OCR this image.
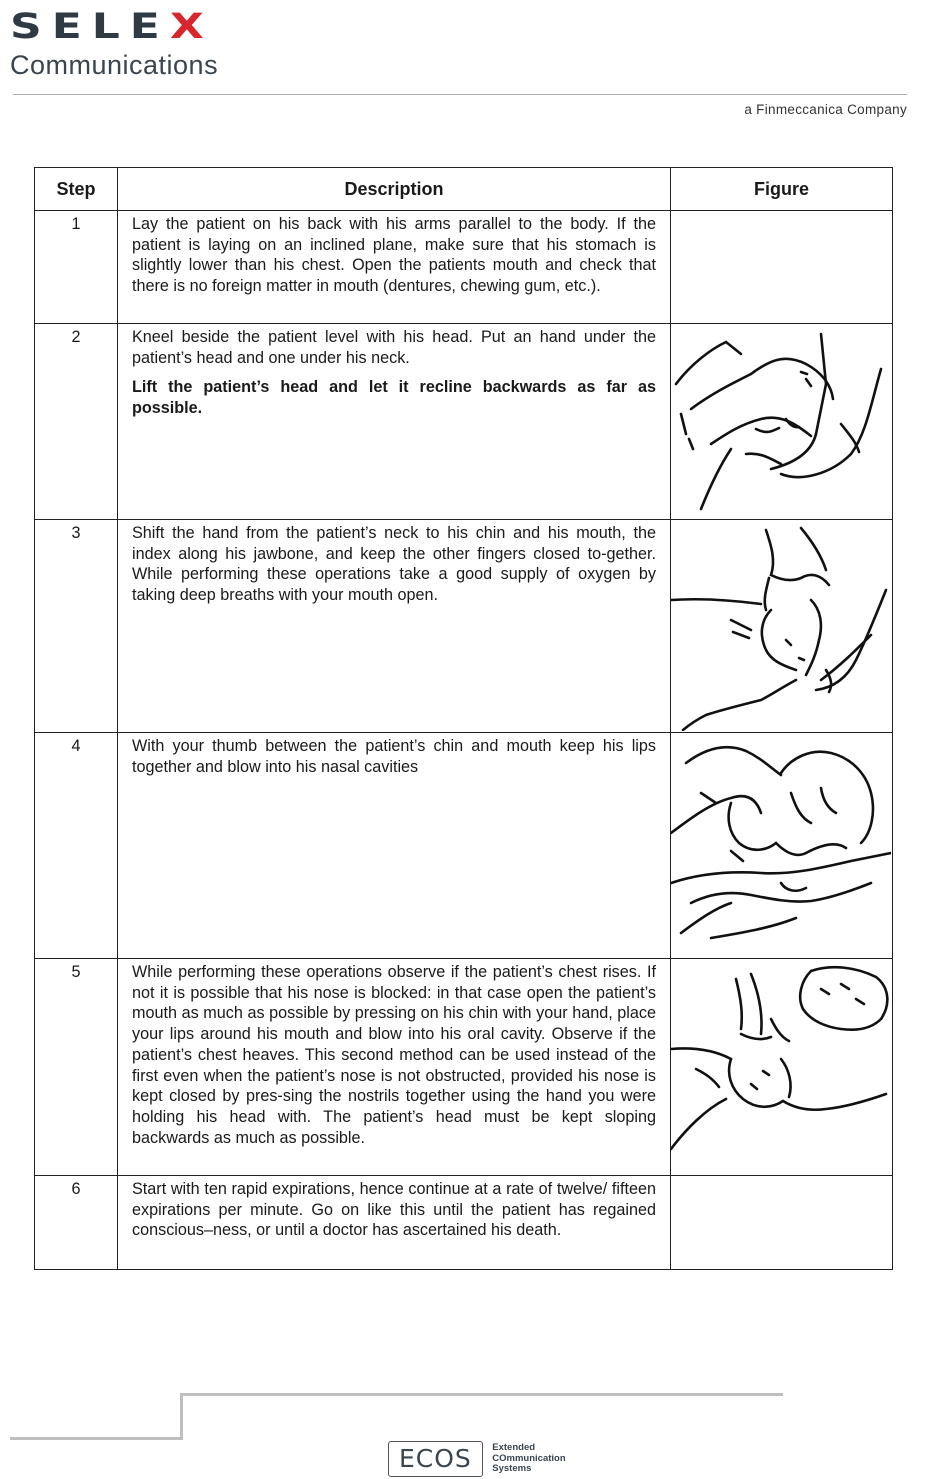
SELEX
Communications
a Finmeccanica Company
Step	Description	Figure
1	Lay the patient on his back with his arms parallel to the body. If the patient is laying on an inclined plane, make sure that his stomach is slightly lower than his chest. Open the patients mouth and check that there is no foreign matter in mouth (dentures, chewing gum, etc.).	

2	Kneel beside the patient level with his head. Put an hand under the patient’s head and one under his neck.

Lift the patient’s head and let it recline backwards as far as possible.

3	Shift the hand from the patient’s neck to his chin and his mouth, the index along his jawbone, and keep the other fingers closed to-gether. While performing these operations take a good supply of oxygen by taking deep breaths with your mouth open.

4	With your thumb between the patient’s chin and mouth keep his lips together and blow into his nasal cavities

5	While performing these operations observe if the patient’s chest rises. If not it is possible that his nose is blocked: in that case open the patient’s mouth as much as possible by pressing on his chin with your hand, place your lips around his mouth and blow into his oral cavity. Observe if the patient’s chest heaves. This second method can be used instead of the first even when the patient’s nose is not obstructed, provided his nose is kept closed by pres-sing the nostrils together using the hand you were holding his head with. The patient’s head must be kept sloping backwards as much as possible.

6	Start with ten rapid expirations, hence continue at a rate of twelve/ fifteen expirations per minute. Go on like this until the patient has regained conscious–ness, or until a doctor has ascertained his death.	

ECOS Extended
COmmunication
Systems
